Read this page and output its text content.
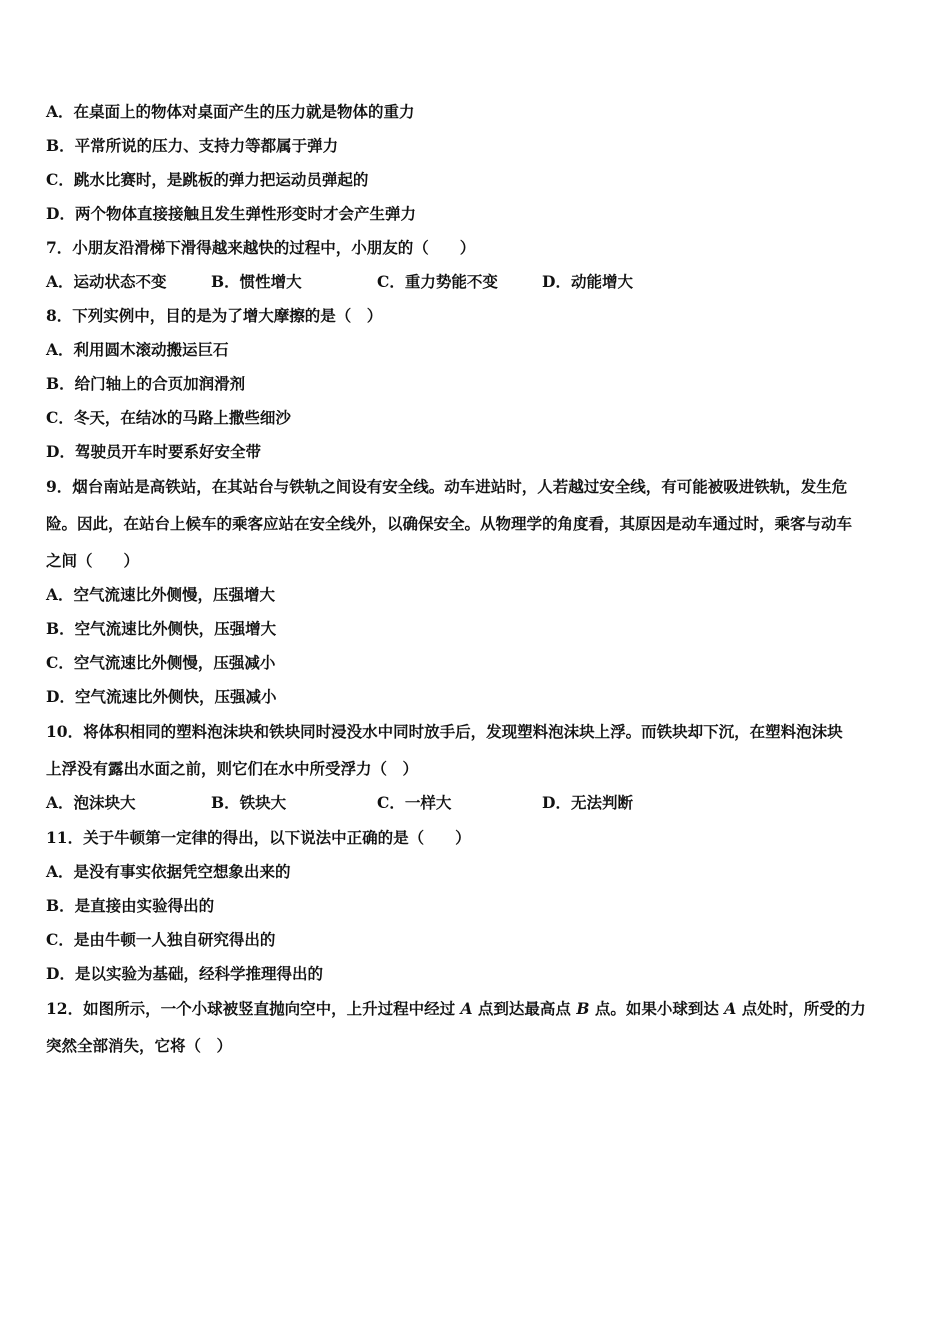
A．在桌面上的物体对桌面产生的压力就是物体的重力
B．平常所说的压力、支持力等都属于弹力
C．跳水比赛时，是跳板的弹力把运动员弹起的
D．两个物体直接接触且发生弹性形变时才会产生弹力
7．小朋友沿滑梯下滑得越来越快的过程中，小朋友的（　　）
A．运动状态不变	B．惯性增大	C．重力势能不变	D．动能增大
8．下列实例中，目的是为了增大摩擦的是（　）
A．利用圆木滚动搬运巨石
B．给门轴上的合页加润滑剂
C．冬天，在结冰的马路上撒些细沙
D．驾驶员开车时要系好安全带
9．烟台南站是高铁站，在其站台与铁轨之间设有安全线。动车进站时，人若越过安全线，有可能被吸进铁轨，发生危
险。因此，在站台上候车的乘客应站在安全线外，以确保安全。从物理学的角度看，其原因是动车通过时，乘客与动车
之间（　　）
A．空气流速比外侧慢，压强增大
B．空气流速比外侧快，压强增大
C．空气流速比外侧慢，压强减小
D．空气流速比外侧快，压强减小
10．将体积相同的塑料泡沫块和铁块同时浸没水中同时放手后，发现塑料泡沫块上浮。而铁块却下沉，在塑料泡沫块
上浮没有露出水面之前，则它们在水中所受浮力（　）
A．泡沫块大	B．铁块大	C．一样大	D．无法判断
11．关于牛顿第一定律的得出，以下说法中正确的是（　　）
A．是没有事实依据凭空想象出来的
B．是直接由实验得出的
C．是由牛顿一人独自研究得出的
D．是以实验为基础，经科学推理得出的
12．如图所示，一个小球被竖直抛向空中，上升过程中经过 A 点到达最高点 B 点。如果小球到达 A 点处时，所受的力
突然全部消失，它将（　）
